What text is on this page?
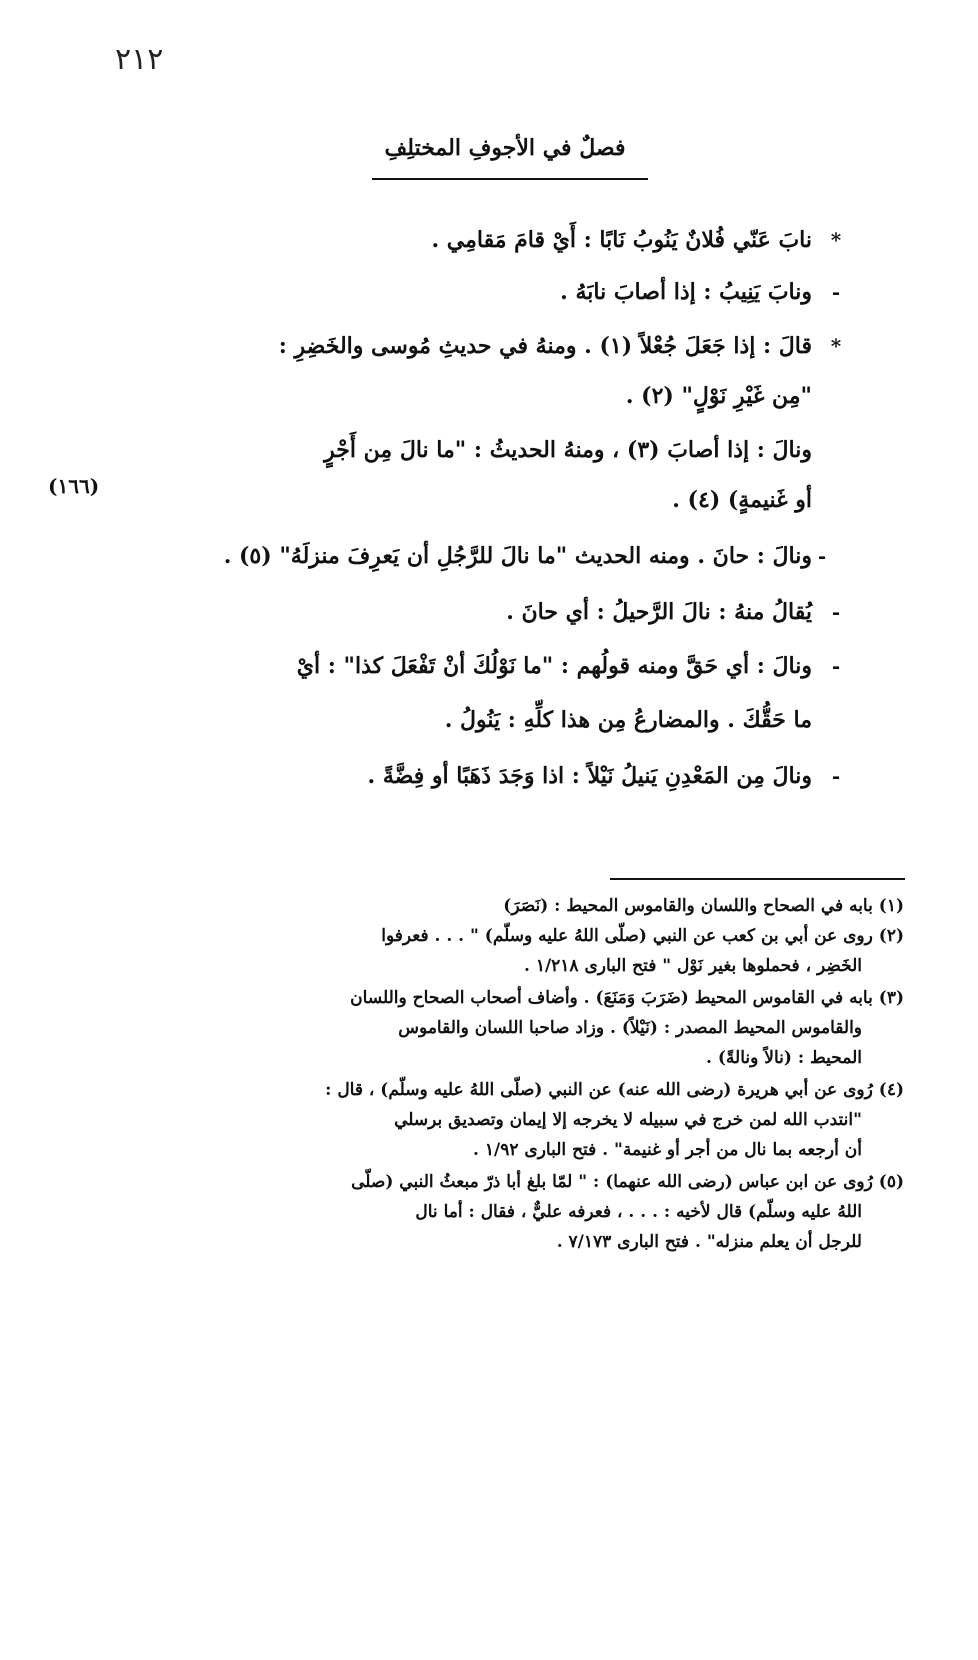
٢١٢
فصلٌ في الأجوفِ المختلِفِ
*
نابَ عَنّي فُلانٌ يَنُوبُ نَابًا : أَيْ قامَ مَقامِي .
-
ونابَ يَنِيبُ : إذا أصابَ نابَهُ .
*
قالَ : إذا جَعَلَ جُعْلاً (١) . ومنهُ في حديثِ مُوسى والخَضِرِ :
"مِن غَيْرِ نَوْلٍ" (٢) .
ونالَ : إذا أصابَ (٣) ، ومنهُ الحديثُ : "ما نالَ مِن أَجْرٍ
(١٦٦)
أو غَنيمةٍ) (٤) .
-
ونالَ : حانَ . ومنه الحديث "ما نالَ للرَّجُلِ أن يَعرِفَ منزلَهُ" (٥) .
-
يُقالُ منهُ : نالَ الرَّحيلُ : أي حانَ .
-
ونالَ : أي حَقَّ ومنه قولُهم : "ما نَوْلُكَ أنْ تَفْعَلَ كذا" : أيْ
ما حَقُّكَ . والمضارعُ مِن هذا كلِّهِ : يَنُولُ .
-
ونالَ مِن المَعْدِنِ يَنيلُ نَيْلاً : اذا وَجَدَ ذَهَبًا أو فِضَّةً .
(١) بابه في الصحاح واللسان والقاموس المحيط : (نَصَرَ)
(٢) روى عن أبي بن كعب عن النبي (صلّى اللهُ عليه وسلّم) " . . . فعرفوا
الخَضِر ، فحملوها بغير نَوْل " فتح البارى ١/٢١٨ .
(٣) بابه في القاموس المحيط (ضَرَبَ وَمَنَعَ) . وأضاف أصحاب الصحاح واللسان
والقاموس المحيط المصدر : (نَيْلاً) . وزاد صاحبا اللسان والقاموس
المحيط : (نالاً ونالةً) .
(٤) رُوى عن أبي هريرة (رضى الله عنه) عن النبي (صلّى اللهُ عليه وسلّم) ، قال :
"انتدب الله لمن خرج في سبيله لا يخرجه إلا إيمان وتصديق برسلي
أن أرجعه بما نال من أجر أو غنيمة" . فتح البارى ١/٩٢ .
(٥) رُوى عن ابن عباس (رضى الله عنهما) : " لمّا بلغ أبا ذرّ مبعثُ النبي (صلّى
اللهُ عليه وسلّم) قال لأخيه : . . . ، فعرفه عليٌّ ، فقال : أما نال
للرجل أن يعلم منزله" . فتح البارى ٧/١٧٣ .
